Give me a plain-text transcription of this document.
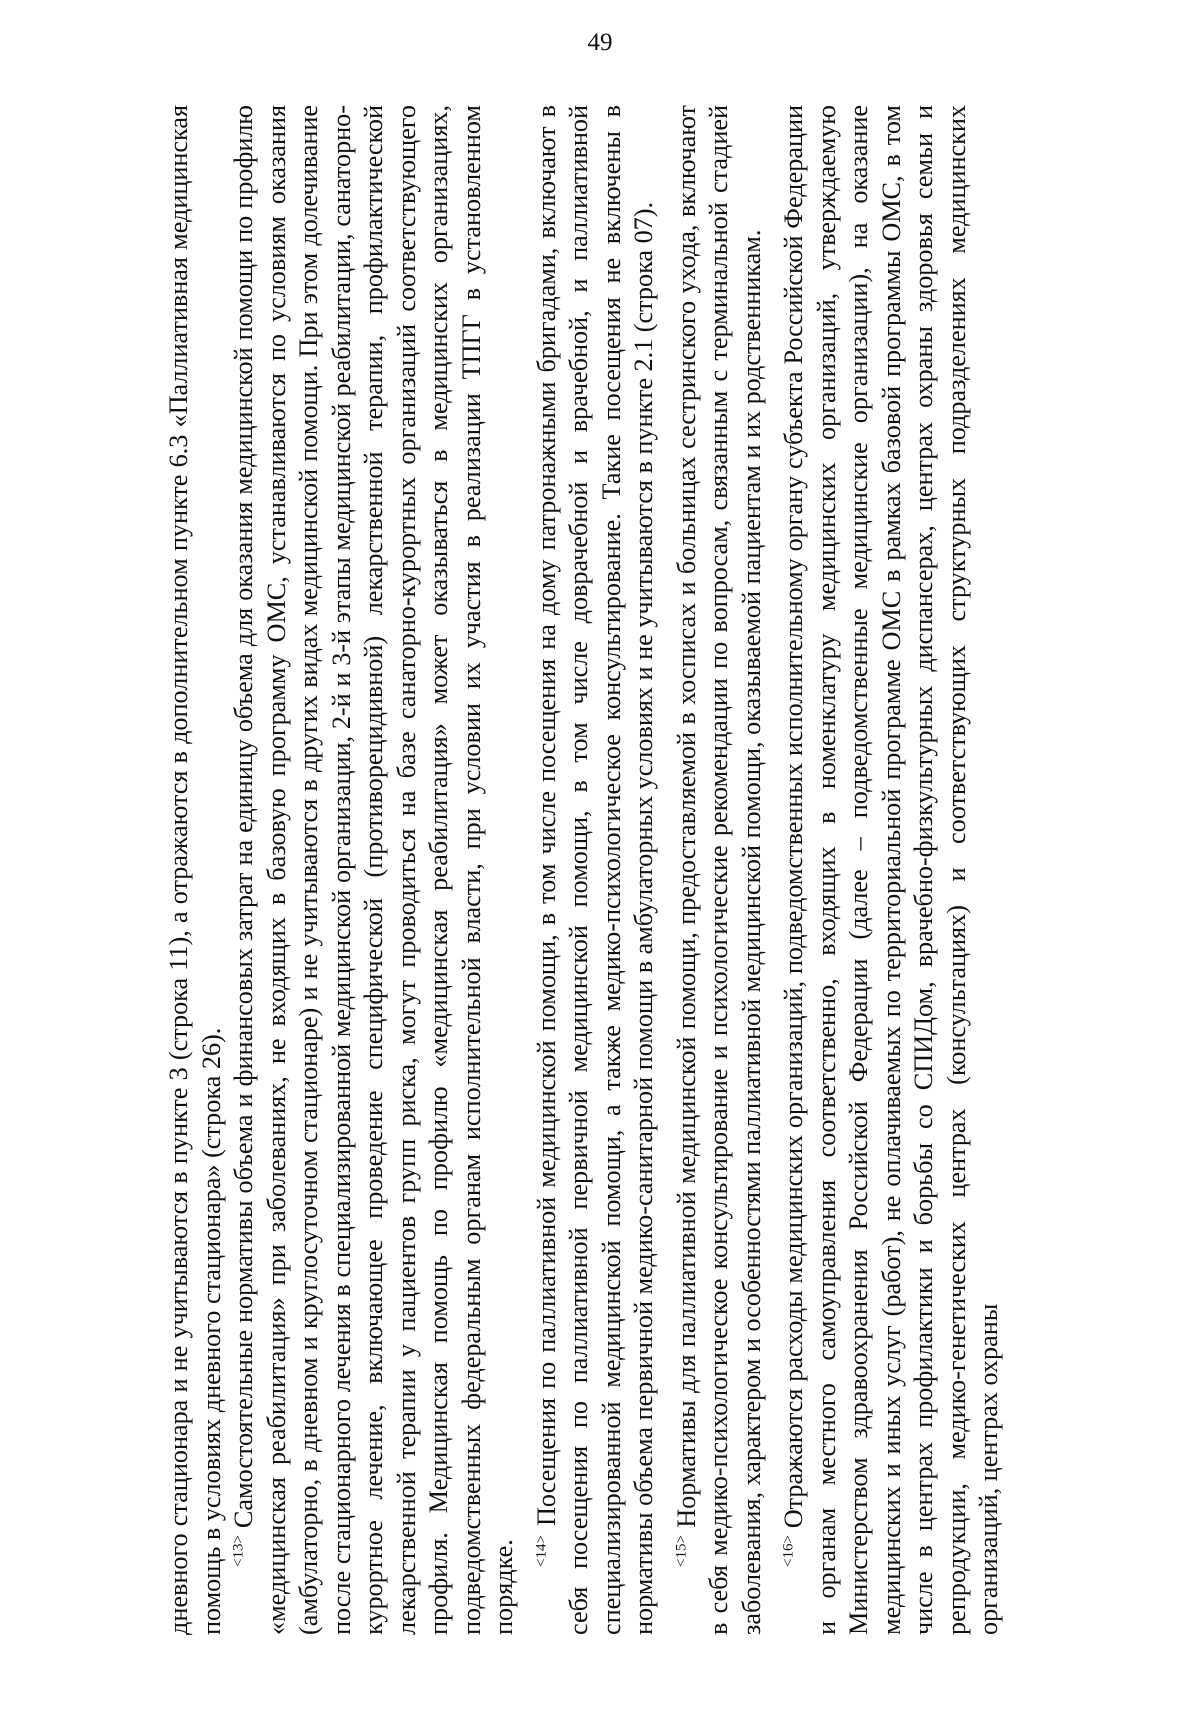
49

дневного стационара и не учитываются в пункте 3 (строка 11), а отражаются в дополнительном пункте 6.3 «Паллиативная медицинская помощь в условиях дневного стационара» (строка 26). $^{<13>}$ Самостоятельные нормативы объема и финансовых затрат на единицу объема для оказания медицинской помощи по профилю «медицинская реабилитация» при заболеваниях, не входящих в базовую программу ОМС, устанавливаются по условиям оказания (амбулаторно, в дневном и круглосуточном стационаре) и не учитываются в других видах медицинской помощи. При этом долечивание после стационарного лечения в специализированной медицинской организации, 2-й и 3-й этапы медицинской реабилитации, санаторно-курортное лечение, включающее проведение специфической (противорецидивной) лекарственной терапии, профилактической лекарственной терапии у пациентов групп риска, могут проводиться на базе санаторно-курортных организаций соответствующего профиля. Медицинская помощь по профилю «медицинская реабилитация» может оказываться в медицинских организациях, подведомственных федеральным органам исполнительной власти, при условии их участия в реализации ТПГГ в установленном порядке. $^{<14>}$ Посещения по паллиативной медицинской помощи, в том числе посещения на дому патронажными бригадами, включают в себя посещения по паллиативной первичной медицинской помощи, в том числе доврачебной и врачебной, и паллиативной специализированной медицинской помощи, а также медико-психологическое консультирование. Такие посещения не включены в нормативы объема первичной медико-санитарной помощи в амбулаторных условиях и не учитываются в пункте 2.1 (строка 07). $^{<15>}$ Нормативы для паллиативной медицинской помощи, предоставляемой в хосписах и больницах сестринского ухода, включают в себя медико-психологическое консультирование и психологические рекомендации по вопросам, связанным с терминальной стадией заболевания, характером и особенностями паллиативной медицинской помощи, оказываемой пациентам и их родственникам. $^{<16>}$ Отражаются расходы медицинских организаций, подведомственных исполнительному органу субъекта Российской Федерации и органам местного самоуправления соответственно, входящих в номенклатуру медицинских организаций, утверждаемую Министерством здравоохранения Российской Федерации (далее – подведомственные медицинские организации), на оказание медицинских и иных услуг (работ), не оплачиваемых по территориальной программе ОМС в рамках базовой программы ОМС, в том числе в центрах профилактики и борьбы со СПИДом, врачебно-физкультурных диспансерах, центрах охраны здоровья семьи и репродукции, медико-генетических центрах (консультациях) и соответствующих структурных подразделениях медицинских организаций, центрах охраны
